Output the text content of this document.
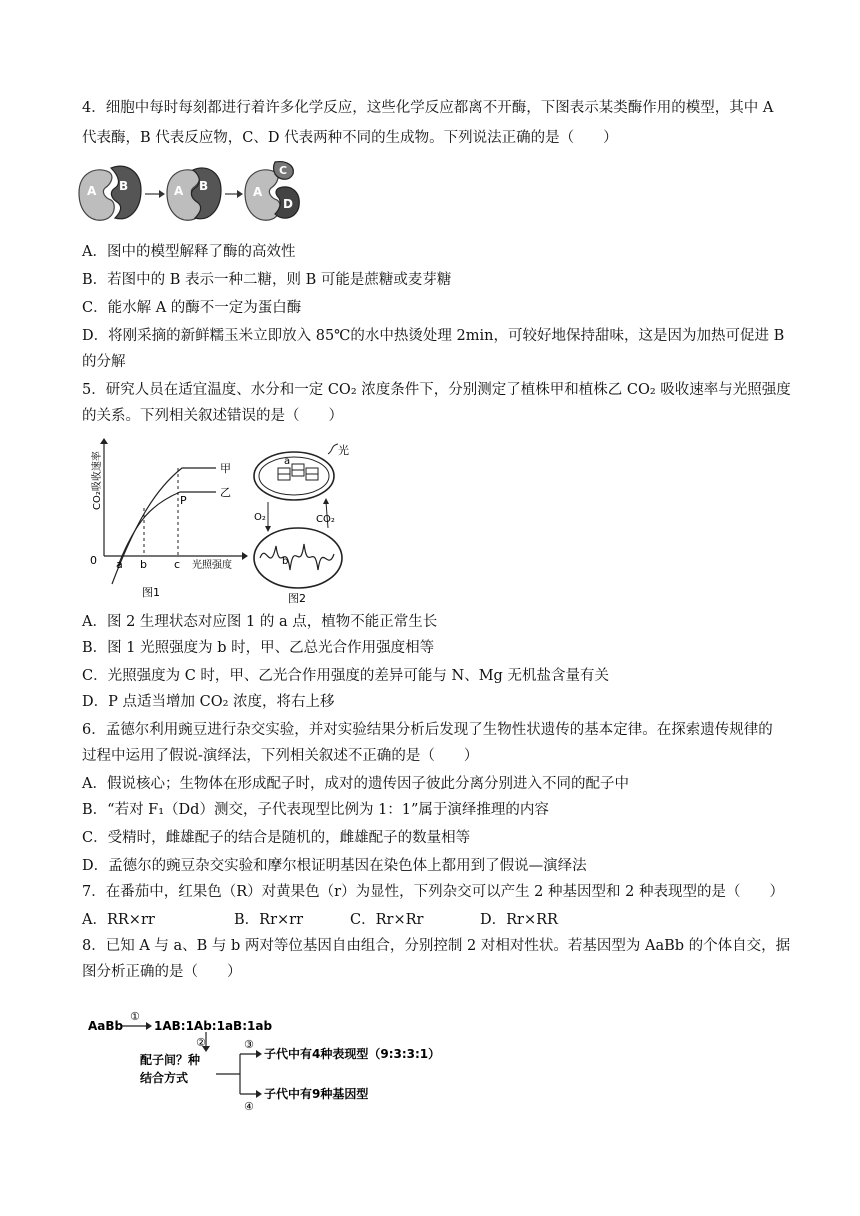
4．细胞中每时每刻都进行着许多化学反应，这些化学反应都离不开酶，下图表示某类酶作用的模型，其中 A
代表酶，B 代表反应物，C、D 代表两种不同的生成物。下列说法正确的是（　　）
A B	A B	A
C
D
A．图中的模型解释了酶的高效性
B．若图中的 B 表示一种二糖，则 B 可能是蔗糖或麦芽糖
C．能水解 A 的酶不一定为蛋白酶
D．将刚采摘的新鲜糯玉米立即放入 85℃的水中热烫处理 2min，可较好地保持甜味，这是因为加热可促进 B
的分解
5．研究人员在适宜温度、水分和一定 CO₂ 浓度条件下，分别测定了植株甲和植株乙 CO₂ 吸收速率与光照强度
的关系。下列相关叙述错误的是（　　）
CO₂吸收速率
0 a b c 光照强度
甲
乙
P
图1
a
光
O₂	CO₂
b
图2
A．图 2 生理状态对应图 1 的 a 点，植物不能正常生长
B．图 1 光照强度为 b 时，甲、乙总光合作用强度相等
C．光照强度为 C 时，甲、乙光合作用强度的差异可能与 N、Mg 无机盐含量有关
D．P 点适当增加 CO₂ 浓度，将右上移
6．孟德尔利用豌豆进行杂交实验，并对实验结果分析后发现了生物性状遗传的基本定律。在探索遗传规律的
过程中运用了假说-演绎法，下列相关叙述不正确的是（　　）
A．假说核心；生物体在形成配子时，成对的遗传因子彼此分离分别进入不同的配子中
B．“若对 F₁（Dd）测交，子代表现型比例为 1：1”属于演绎推理的内容
C．受精时，雌雄配子的结合是随机的，雌雄配子的数量相等
D．孟德尔的豌豆杂交实验和摩尔根证明基因在染色体上都用到了假说—演绎法
7．在番茄中，红果色（R）对黄果色（r）为显性，下列杂交可以产生 2 种基因型和 2 种表现型的是（　　）
A．RR×rr	B．Rr×rr	C．Rr×Rr	D．Rr×RR
8．已知 A 与 a、B 与 b 两对等位基因自由组合，分别控制 2 对相对性状。若基因型为 AaBb 的个体自交，据
图分析正确的是（　　）
AaBb
①
1AB:1Ab:1aB:1ab
②
配子间？种
结合方式
③
子代中有4种表现型（9:3:3:1）
④
子代中有9种基因型
